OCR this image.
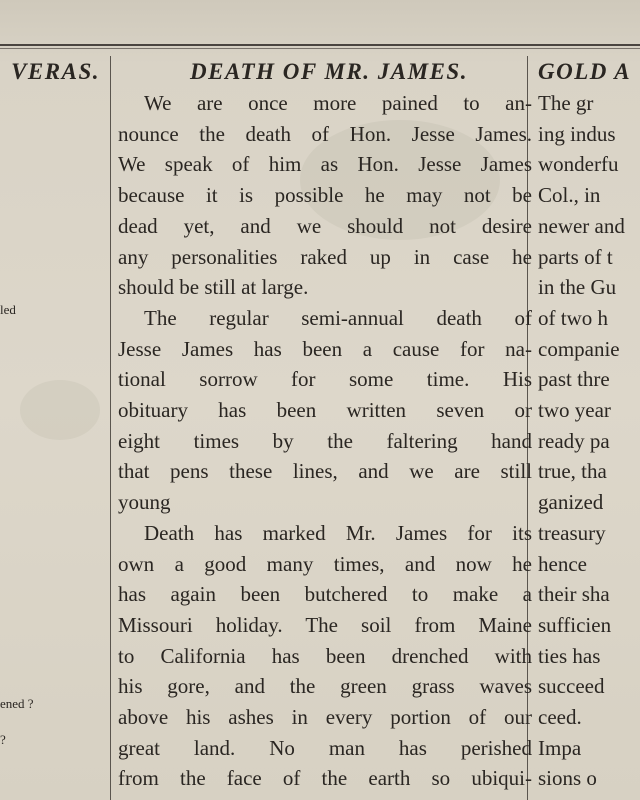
VERAS.
led
ened ?
?
DEATH OF MR. JAMES.
We are once more pained to an-
nounce the death of Hon. Jesse James.
We speak of him as Hon. Jesse James
because it is possible he may not be
dead yet, and we should not desire
any personalities raked up in case he
should be still at large.
The regular semi-annual death of
Jesse James has been a cause for na-
tional sorrow for some time. His
obituary has been written seven or
eight times by the faltering hand
that pens these lines, and we are still
young
Death has marked Mr. James for its
own a good many times, and now he
has again been butchered to make a
Missouri holiday. The soil from Maine
to California has been drenched with
his gore, and the green grass waves
above his ashes in every portion of our
great land. No man has perished
from the face of the earth so ubiqui-
GOLD A
The gr
ing indus
wonderfu
Col., in
newer and
parts of t
in the Gu
of two h
companie
past thre
two year
ready pa
true, tha
ganized
treasury
hence
their sha
sufficien
ties has
succeed
ceed.
Impa
sions o
